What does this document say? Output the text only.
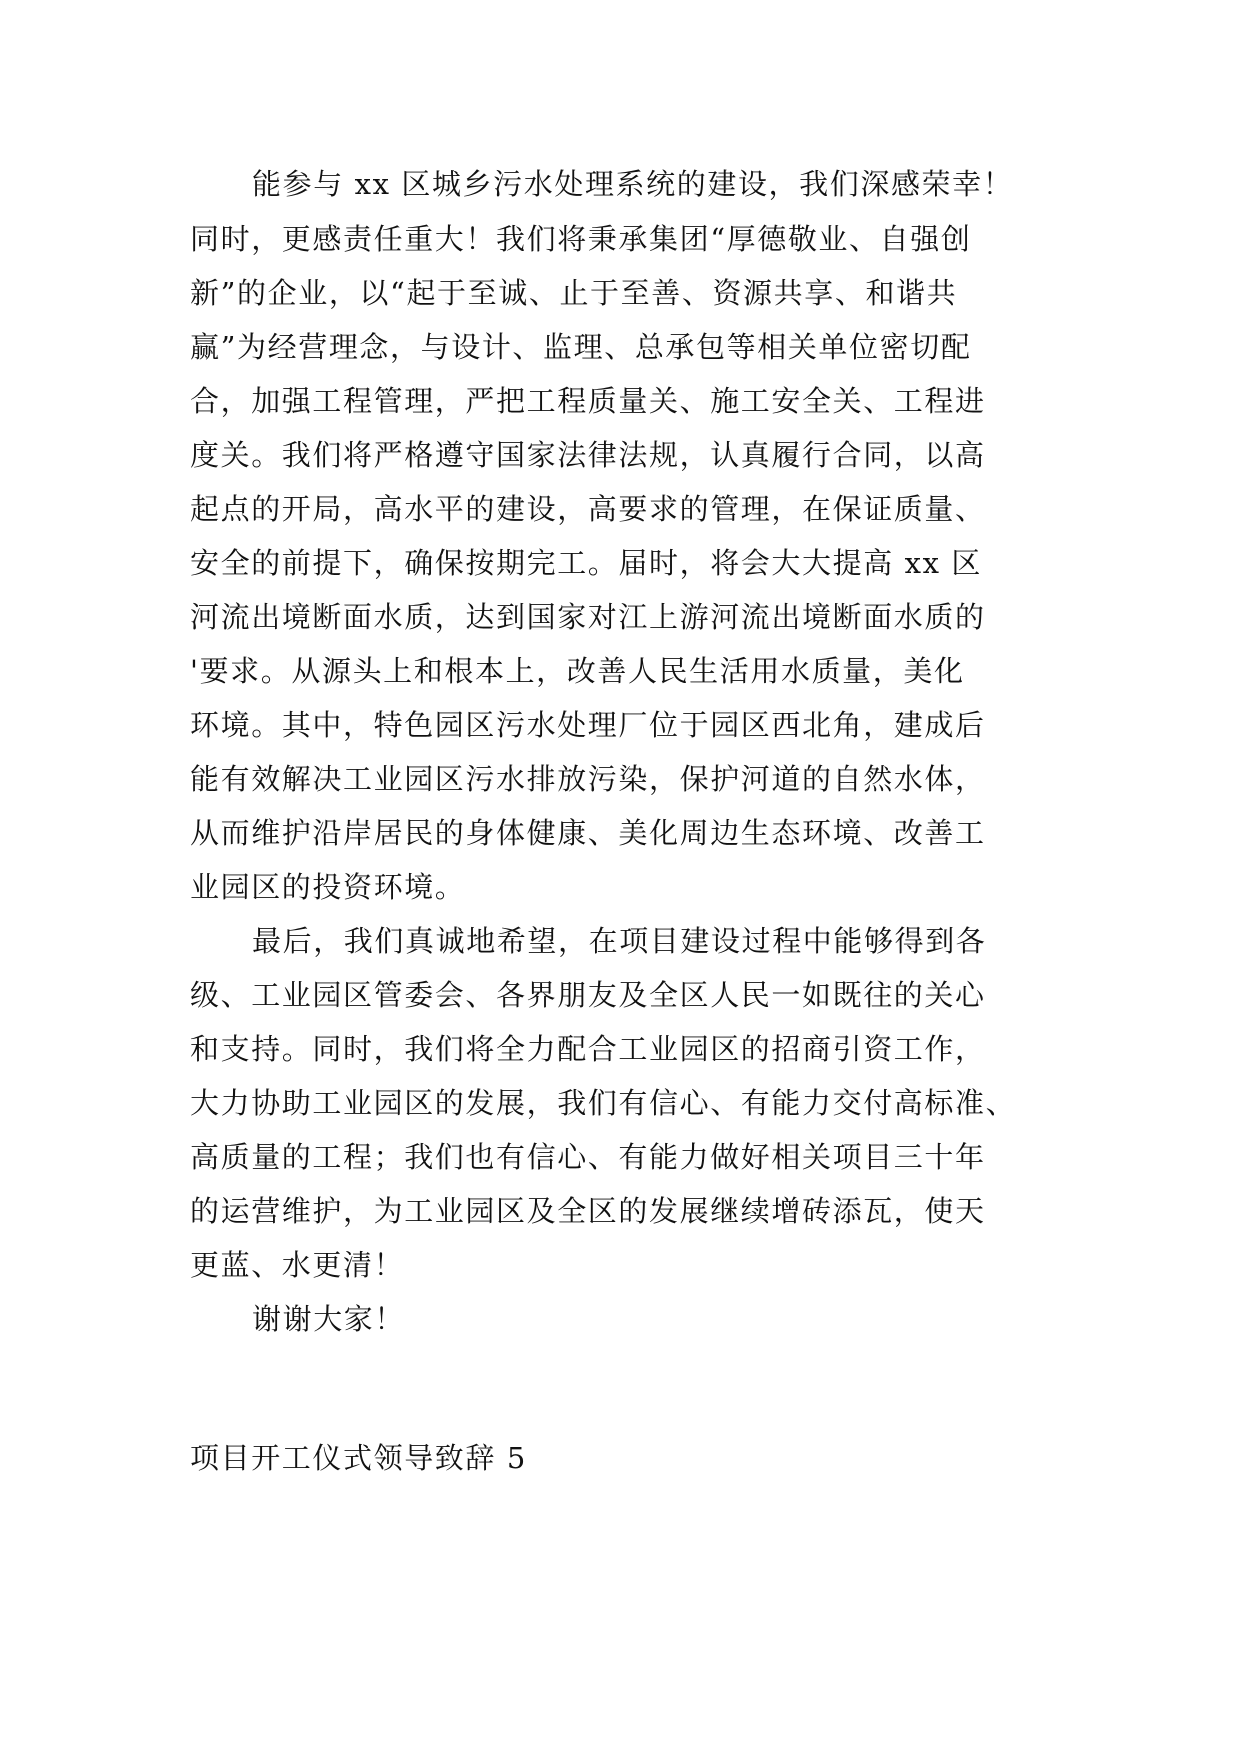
能参与 xx 区城乡污水处理系统的建设，我们深感荣幸！
同时，更感责任重大！我们将秉承集团“厚德敬业、自强创
新”的企业，以“起于至诚、止于至善、资源共享、和谐共
赢”为经营理念，与设计、监理、总承包等相关单位密切配
合，加强工程管理，严把工程质量关、施工安全关、工程进
度关。我们将严格遵守国家法律法规，认真履行合同，以高
起点的开局，高水平的建设，高要求的管理，在保证质量、
安全的前提下，确保按期完工。届时，将会大大提高 xx 区
河流出境断面水质，达到国家对江上游河流出境断面水质的
'要求。从源头上和根本上，改善人民生活用水质量，美化
环境。其中，特色园区污水处理厂位于园区西北角，建成后
能有效解决工业园区污水排放污染，保护河道的自然水体，
从而维护沿岸居民的身体健康、美化周边生态环境、改善工
业园区的投资环境。
最后，我们真诚地希望，在项目建设过程中能够得到各
级、工业园区管委会、各界朋友及全区人民一如既往的关心
和支持。同时，我们将全力配合工业园区的招商引资工作，
大力协助工业园区的发展，我们有信心、有能力交付高标准、
高质量的工程；我们也有信心、有能力做好相关项目三十年
的运营维护，为工业园区及全区的发展继续增砖添瓦，使天
更蓝、水更清！
谢谢大家！
项目开工仪式领导致辞 5
